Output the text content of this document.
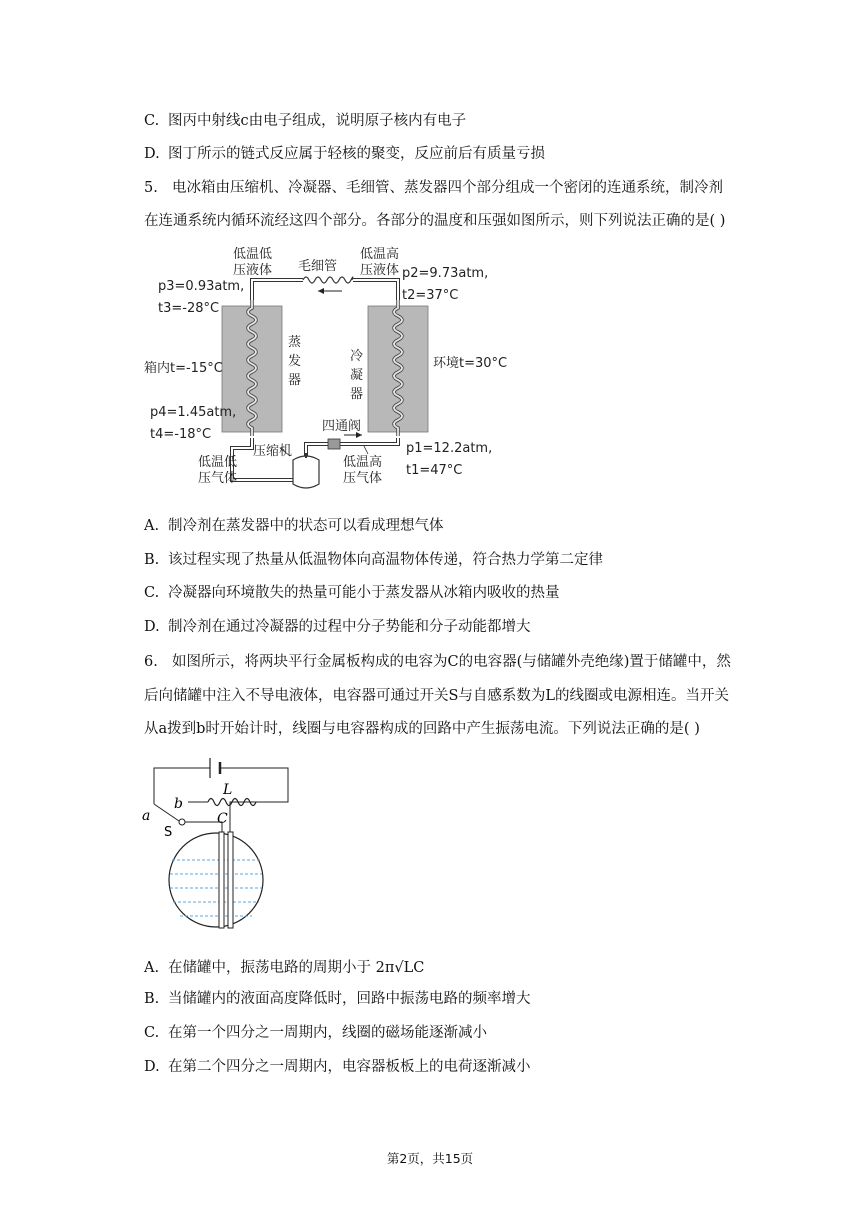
C. 图丙中射线c由电子组成，说明原子核内有电子
D. 图丁所示的链式反应属于轻核的聚变，反应前后有质量亏损
5. 电冰箱由压缩机、冷凝器、毛细管、蒸发器四个部分组成一个密闭的连通系统，制冷剂
在连通系统内循环流经这四个部分。各部分的温度和压强如图所示，则下列说法正确的是( )
低温低
压液体 毛细管
低温高
压液体
p3=0.93atm,
t3=-28°C
p2=9.73atm,
t2=37°C
蒸
发
器
冷
凝
器
箱内t=-15°C	环境t=30°C
p4=1.45atm,
t4=-18°C
四通阀
压缩机	p1=12.2atm,
t1=47°C
低温低
压气体
低温高
压气体
A. 制冷剂在蒸发器中的状态可以看成理想气体
B. 该过程实现了热量从低温物体向高温物体传递，符合热力学第二定律
C. 冷凝器向环境散失的热量可能小于蒸发器从冰箱内吸收的热量
D. 制冷剂在通过冷凝器的过程中分子势能和分子动能都增大
6. 如图所示，将两块平行金属板构成的电容为C的电容器(与储罐外壳绝缘)置于储罐中，然
后向储罐中注入不导电液体，电容器可通过开关S与自感系数为L的线圈或电源相连。当开关
从a拨到b时开始计时，线圈与电容器构成的回路中产生振荡电流。下列说法正确的是( )
L
b
a
S
C
A. 在储罐中，振荡电路的周期小于 2π√LC
B. 当储罐内的液面高度降低时，回路中振荡电路的频率增大
C. 在第一个四分之一周期内，线圈的磁场能逐渐减小
D. 在第二个四分之一周期内，电容器板板上的电荷逐渐减小
第2页，共15页
